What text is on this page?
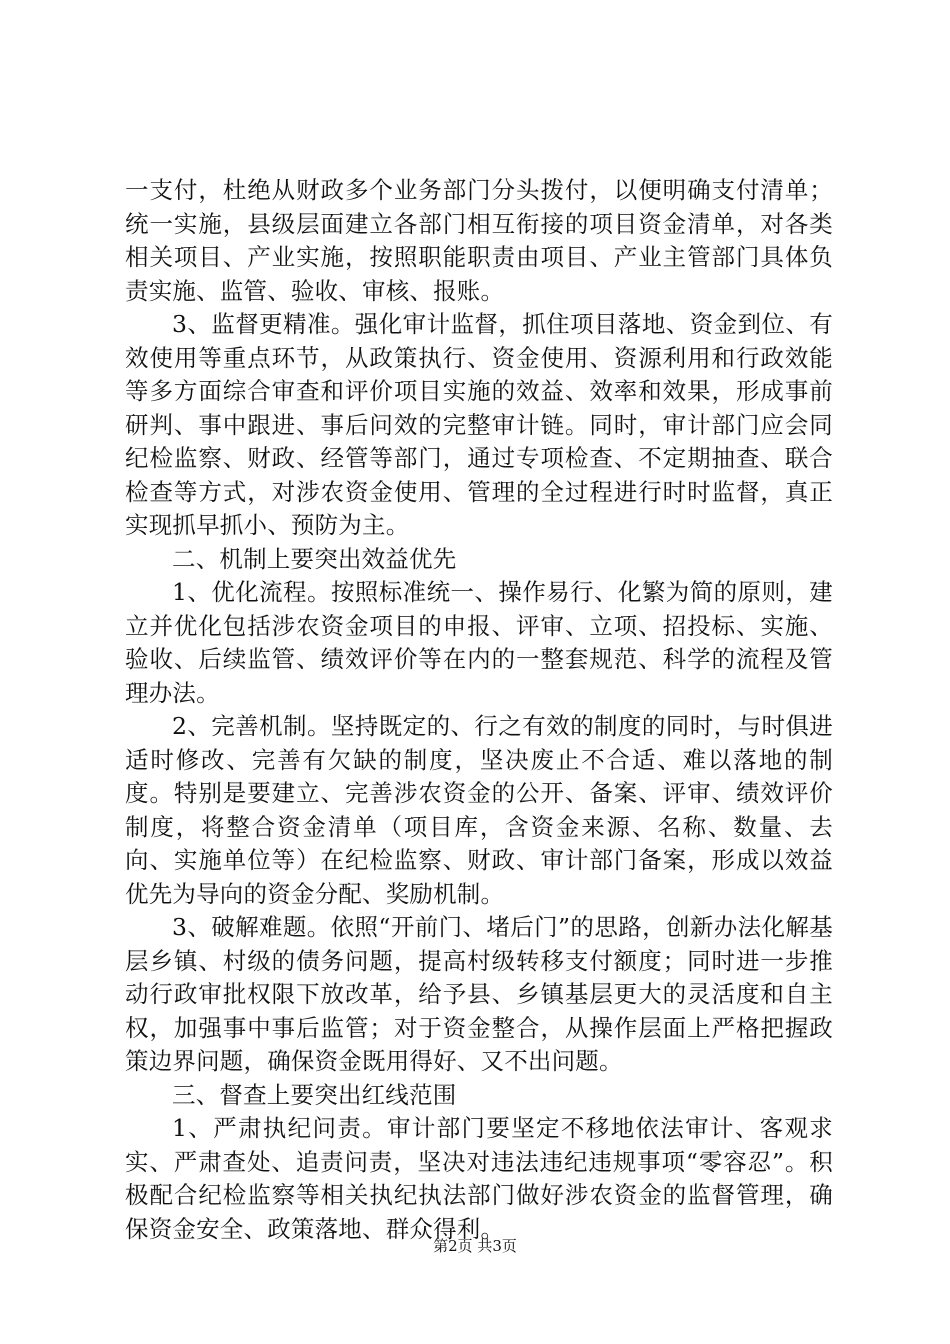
一支付，杜绝从财政多个业务部门分头拨付，以便明确支付清单；统一实施，县级层面建立各部门相互衔接的项目资金清单，对各类相关项目、产业实施，按照职能职责由项目、产业主管部门具体负责实施、监管、验收、审核、报账。

3、监督更精准。强化审计监督，抓住项目落地、资金到位、有效使用等重点环节，从政策执行、资金使用、资源利用和行政效能等多方面综合审查和评价项目实施的效益、效率和效果，形成事前研判、事中跟进、事后问效的完整审计链。同时，审计部门应会同纪检监察、财政、经管等部门，通过专项检查、不定期抽查、联合检查等方式，对涉农资金使用、管理的全过程进行时时监督，真正实现抓早抓小、预防为主。

二、机制上要突出效益优先

1、优化流程。按照标准统一、操作易行、化繁为简的原则，建立并优化包括涉农资金项目的申报、评审、立项、招投标、实施、验收、后续监管、绩效评价等在内的一整套规范、科学的流程及管理办法。

2、完善机制。坚持既定的、行之有效的制度的同时，与时俱进适时修改、完善有欠缺的制度，坚决废止不合适、难以落地的制度。特别是要建立、完善涉农资金的公开、备案、评审、绩效评价制度，将整合资金清单（项目库，含资金来源、名称、数量、去向、实施单位等）在纪检监察、财政、审计部门备案，形成以效益优先为导向的资金分配、奖励机制。

3、破解难题。依照“开前门、堵后门”的思路，创新办法化解基层乡镇、村级的债务问题，提高村级转移支付额度；同时进一步推动行政审批权限下放改革，给予县、乡镇基层更大的灵活度和自主权，加强事中事后监管；对于资金整合，从操作层面上严格把握政策边界问题，确保资金既用得好、又不出问题。

三、督查上要突出红线范围

1、严肃执纪问责。审计部门要坚定不移地依法审计、客观求实、严肃查处、追责问责，坚决对违法违纪违规事项“零容忍”。积极配合纪检监察等相关执纪执法部门做好涉农资金的监督管理，确保资金安全、政策落地、群众得利。

第2页 共3页
